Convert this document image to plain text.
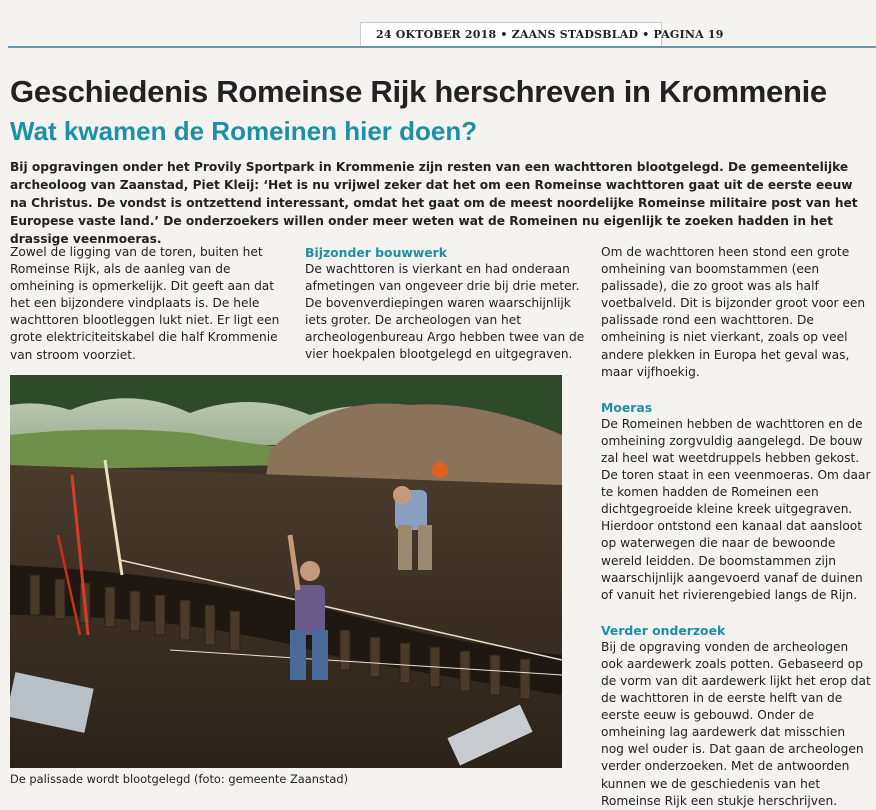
24 OKTOBER 2018 • ZAANS STADSBLAD • PAGINA 19
Geschiedenis Romeinse Rijk herschreven in Krommenie
Wat kwamen de Romeinen hier doen?

Bij opgravingen onder het Provily Sportpark in Krommenie zijn resten van een wachttoren blootgelegd. De gemeentelijke archeoloog van Zaanstad, Piet Kleij: ‘Het is nu vrijwel zeker dat het om een Romeinse wachttoren gaat uit de eerste eeuw na Christus. De vondst is ontzettend interessant, omdat het gaat om de meest noordelijke Romeinse militaire post van het Europese vaste land.’ De onderzoekers willen onder meer weten wat de Romeinen nu eigenlijk te zoeken hadden in het drassige veenmoeras.

Zowel de ligging van de toren, buiten het Romeinse Rijk, als de aanleg van de omheining is opmerkelijk. Dit geeft aan dat het een bijzondere vindplaats is. De hele wachttoren blootleggen lukt niet. Er ligt een grote elektriciteitskabel die half Krommenie van stroom voorziet.

Bijzonder bouwwerk

De wachttoren is vierkant en had onderaan afmetingen van ongeveer drie bij drie meter. De bovenverdiepingen waren waarschijnlijk iets groter. De archeologen van het archeologenbureau Argo hebben twee van de vier hoekpalen blootgelegd en uitgegraven.

Om de wachttoren heen stond een grote omheining van boomstammen (een palissade), die zo groot was als half voetbalveld. Dit is bijzonder groot voor een palissade rond een wachttoren. De omheining is niet vierkant, zoals op veel andere plekken in Europa het geval was, maar vijfhoekig.

Moeras

De Romeinen hebben de wachttoren en de omheining zorgvuldig aangelegd. De bouw zal heel wat weetdruppels hebben gekost. De toren staat in een veenmoeras. Om daar te komen hadden de Romeinen een dichtgegroeide kleine kreek uitgegraven. Hierdoor ontstond een kanaal dat aansloot op waterwegen die naar de bewoonde wereld leidden. De boomstammen zijn waarschijnlijk aangevoerd vanaf de duinen of vanuit het rivierengebied langs de Rijn.

Verder onderzoek

Bij de opgraving vonden de archeologen ook aardewerk zoals potten. Gebaseerd op de vorm van dit aardewerk lijkt het erop dat de wachttoren in de eerste helft van de eerste eeuw is gebouwd. Onder de omheining lag aardewerk dat misschien nog wel ouder is. Dat gaan de archeologen verder onderzoeken. Met de antwoorden kunnen we de geschiedenis van het Romeinse Rijk een stukje herschrijven.

De palissade wordt blootgelegd (foto: gemeente Zaanstad)
